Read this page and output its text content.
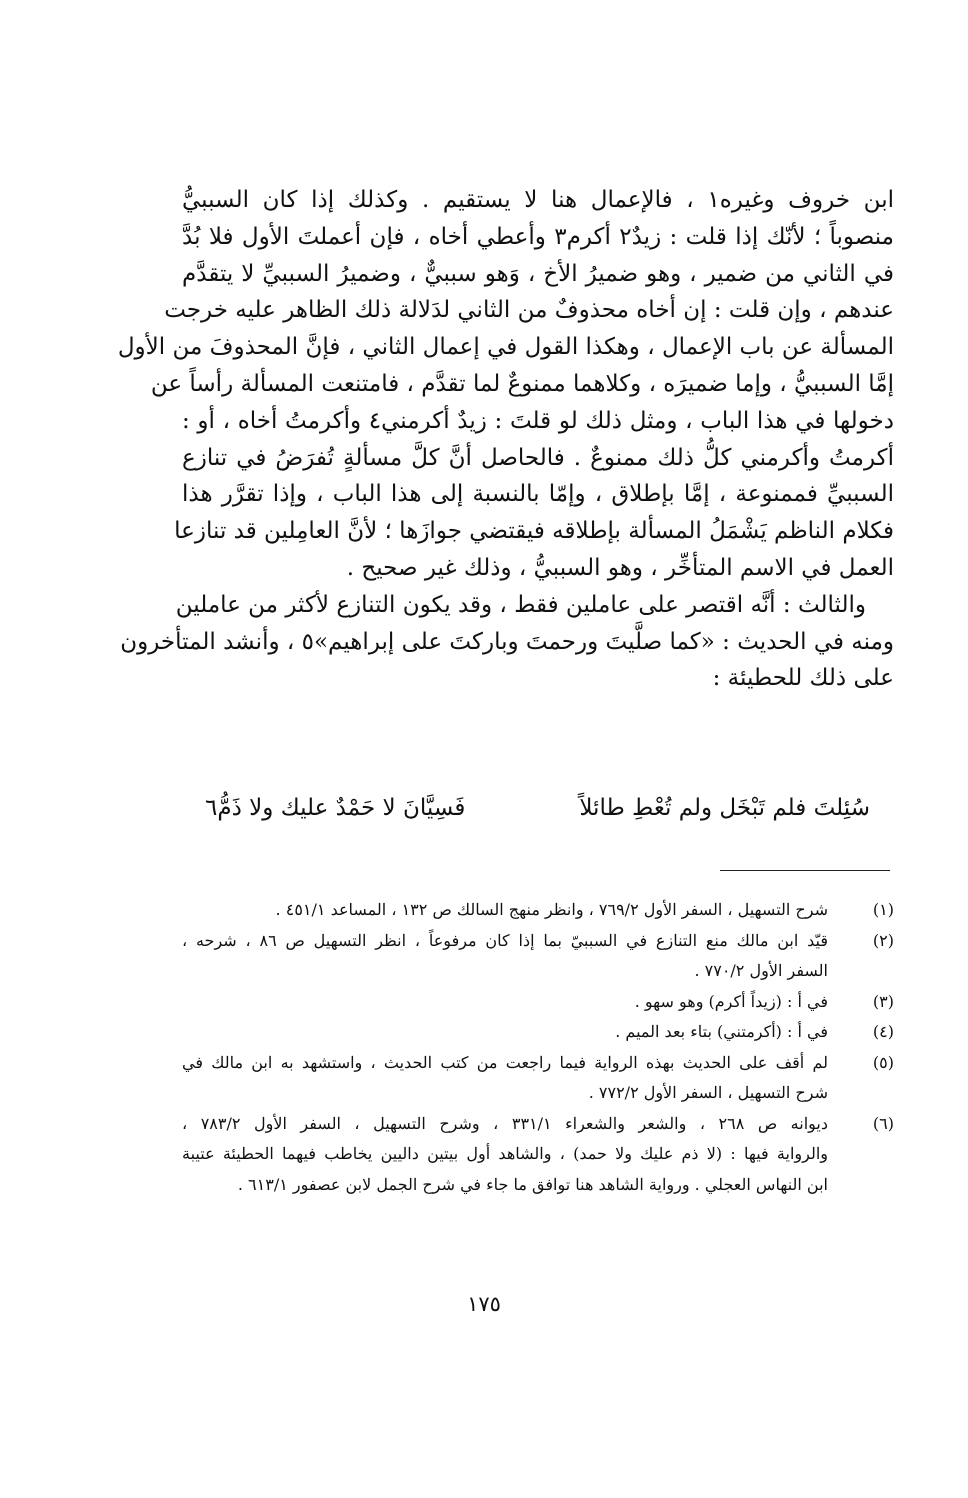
ابن خروف وغيره١ ، فالإعمال هنا لا يستقيم . وكذلك إذا كان السببيُّ
منصوباً ؛ لأنّك إذا قلت : زيدٌ٢ أكرم٣ وأعطي أخاه ، فإن أعملتَ الأول فلا بُدَّ
في الثاني من ضمير ، وهو ضميرُ الأخ ، وَهو سببيٌّ ، وضميرُ السببيِّ لا يتقدَّم
عندهم ، وإن قلت : إن أخاه محذوفٌ من الثاني لدَلالة ذلك الظاهر عليه خرجت
المسألة عن باب الإعمال ، وهكذا القول في إعمال الثاني ، فإنَّ المحذوفَ من الأول
إمَّا السببيُّ ، وإما ضميرَه ، وكلاهما ممنوعٌ لما تقدَّم ، فامتنعت المسألة رأساً عن
دخولها في هذا الباب ، ومثل ذلك لو قلتَ : زيدٌ أكرمني٤ وأكرمتُ أخاه ، أو :
أكرمتُ وأكرمني كلُّ ذلك ممنوعٌ . فالحاصل أنَّ كلَّ مسألةٍ تُفرَضُ في تنازع
السببيِّ فممنوعة ، إمَّا بإطلاق ، وإمّا بالنسبة إلى هذا الباب ، وإذا تقرَّر هذا
فكلام الناظم يَشْمَلُ المسألة بإطلاقه فيقتضي جوازَها ؛ لأنَّ العامِلين قد تنازعا
العمل في الاسم المتأخِّر ، وهو السببيُّ ، وذلك غير صحيح .
والثالث : أنَّه اقتصر على عاملين فقط ، وقد يكون التنازع لأكثر من عاملين
ومنه في الحديث : «كما صلَّيتَ ورحمتَ وباركتَ على إبراهيم»٥ ، وأنشد المتأخرون
على ذلك للحطيئة :
سُئِلتَ فلم تَبْخَل ولم تُعْطِ طائلاً
فَسِيَّانَ لا حَمْدٌ عليك ولا ذَمُّ٦
(١)
شرح التسهيل ، السفر الأول ٧٦٩/٢ ، وانظر منهج السالك ص ١٣٢ ، المساعد ٤٥١/١ .
(٢)
قيّد ابن مالك منع التنازع في السببيّ بما إذا كان مرفوعاً ، انظر التسهيل ص ٨٦ ، شرحه ،
السفر الأول ٧٧٠/٢ .
(٣)
في أ : (زيداً أكرم) وهو سهو .
(٤)
في أ : (أكرمتني) بتاء بعد الميم .
(٥)
لم أقف على الحديث بهذه الرواية فيما راجعت من كتب الحديث ، واستشهد به ابن مالك في
شرح التسهيل ، السفر الأول ٧٧٢/٢ .
(٦)
ديوانه ص ٢٦٨ ، والشعر والشعراء ٣٣١/١ ، وشرح التسهيل ، السفر الأول ٧٨٣/٢ ،
والرواية فيها : (لا ذم عليك ولا حمد) ، والشاهد أول بيتين داليين يخاطب فيهما الحطيئة عتيبة
ابن النهاس العجلي . ورواية الشاهد هنا توافق ما جاء في شرح الجمل لابن عصفور ٦١٣/١ .
١٧٥
